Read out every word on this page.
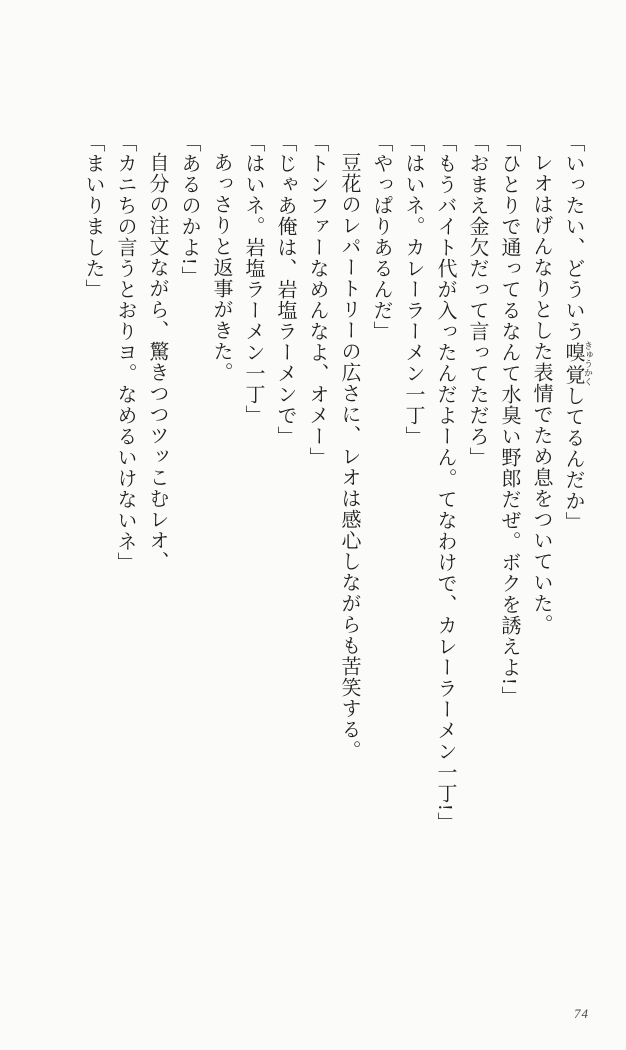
「いったい、どういう嗅覚 きゅうかくしてるんだか」

レオはげんなりとした表情でため息をついていた。

「ひとりで通ってるなんて水臭い野郎だぜ。ボクを誘えよ!」

「おまえ金欠だって言ってただろ」

「もうバイト代が入ったんだよーん。てなわけで、カレーラーメン一丁!」

「はいネ。カレーラーメン一丁」

「やっぱりあるんだ」

豆花のレパートリーの広さに、レオは感心しながらも苦笑する。

「トンファーなめんなよ、オメー」

「じゃあ俺は、岩塩ラーメンで」

「はいネ。岩塩ラーメン一丁」

あっさりと返事がきた。

「あるのかよ!」

自分の注文ながら、驚きつつツッこむレオ、

「カニちの言うとおりヨ。なめるいけないネ」

「まいりました」

74
